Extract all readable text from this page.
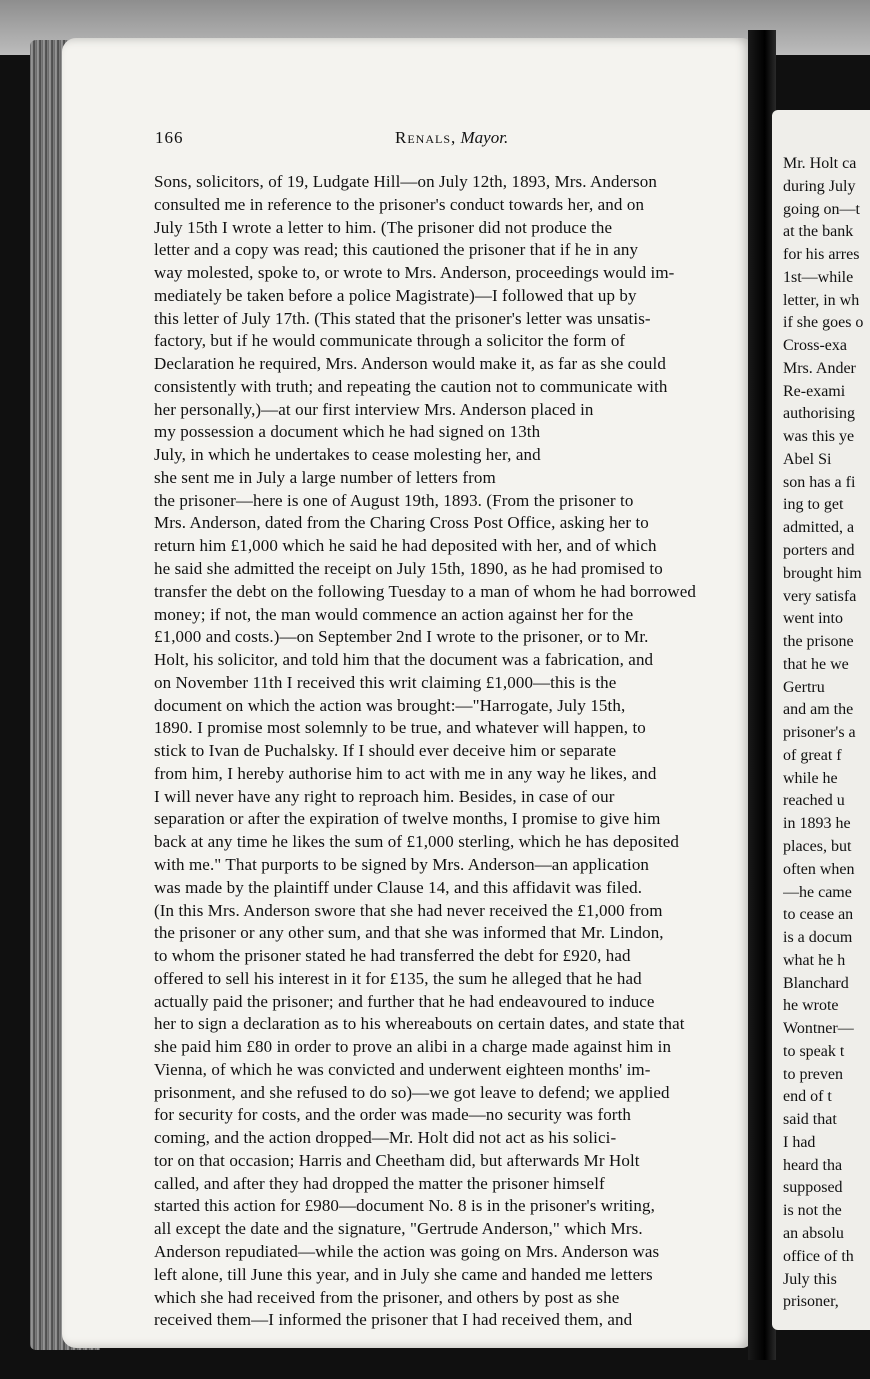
166	Renals, Mayor.
Sons, solicitors, of 19, Ludgate Hill—on July 12th, 1893, Mrs. Anderson
consulted me in reference to the prisoner's conduct towards her, and on
July 15th I wrote a letter to him. (The prisoner did not produce the
letter and a copy was read; this cautioned the prisoner that if he in any
way molested, spoke to, or wrote to Mrs. Anderson, proceedings would im-
mediately be taken before a police Magistrate)—I followed that up by
this letter of July 17th. (This stated that the prisoner's letter was unsatis-
factory, but if he would communicate through a solicitor the form of
Declaration he required, Mrs. Anderson would make it, as far as she could
consistently with truth; and repeating the caution not to communicate with
her personally,)—at our first interview Mrs. Anderson placed in
my possession a document which he had signed on 13th
July, in which he undertakes to cease molesting her, and
she sent me in July a large number of letters from
the prisoner—here is one of August 19th, 1893. (From the prisoner to
Mrs. Anderson, dated from the Charing Cross Post Office, asking her to
return him £1,000 which he said he had deposited with her, and of which
he said she admitted the receipt on July 15th, 1890, as he had promised to
transfer the debt on the following Tuesday to a man of whom he had borrowed
money; if not, the man would commence an action against her for the
£1,000 and costs.)—on September 2nd I wrote to the prisoner, or to Mr.
Holt, his solicitor, and told him that the document was a fabrication, and
on November 11th I received this writ claiming £1,000—this is the
document on which the action was brought:—"Harrogate, July 15th,
1890. I promise most solemnly to be true, and whatever will happen, to
stick to Ivan de Puchalsky. If I should ever deceive him or separate
from him, I hereby authorise him to act with me in any way he likes, and
I will never have any right to reproach him. Besides, in case of our
separation or after the expiration of twelve months, I promise to give him
back at any time he likes the sum of £1,000 sterling, which he has deposited
with me." That purports to be signed by Mrs. Anderson—an application
was made by the plaintiff under Clause 14, and this affidavit was filed.
(In this Mrs. Anderson swore that she had never received the £1,000 from
the prisoner or any other sum, and that she was informed that Mr. Lindon,
to whom the prisoner stated he had transferred the debt for £920, had
offered to sell his interest in it for £135, the sum he alleged that he had
actually paid the prisoner; and further that he had endeavoured to induce
her to sign a declaration as to his whereabouts on certain dates, and state that
she paid him £80 in order to prove an alibi in a charge made against him in
Vienna, of which he was convicted and underwent eighteen months' im-
prisonment, and she refused to do so)—we got leave to defend; we applied
for security for costs, and the order was made—no security was forth
coming, and the action dropped—Mr. Holt did not act as his solici-
tor on that occasion; Harris and Cheetham did, but afterwards Mr Holt
called, and after they had dropped the matter the prisoner himself
started this action for £980—document No. 8 is in the prisoner's writing,
all except the date and the signature, "Gertrude Anderson," which Mrs.
Anderson repudiated—while the action was going on Mrs. Anderson was
left alone, till June this year, and in July she came and handed me letters
which she had received from the prisoner, and others by post as she
received them—I informed the prisoner that I had received them, and
Mr. Holt ca
during July
going on—t
at the bank
for his arres
1st—while
letter, in wh
if she goes o
Cross-exa
Mrs. Ander
Re-exami
authorising
was this ye
Abel Si
son has a fi
ing to get
admitted, a
porters and
brought him
very satisfa
went into
the prisone
that he we
Gertru
and am the
prisoner's a
of great f
while he
reached u
in 1893 he
places, but
often when
—he came
to cease an
is a docum
what he h
Blanchard
he wrote
Wontner—
to speak t
to preven
end of t
said that
I had
heard tha
supposed
is not the
an absolu
office of th
July this
prisoner,
